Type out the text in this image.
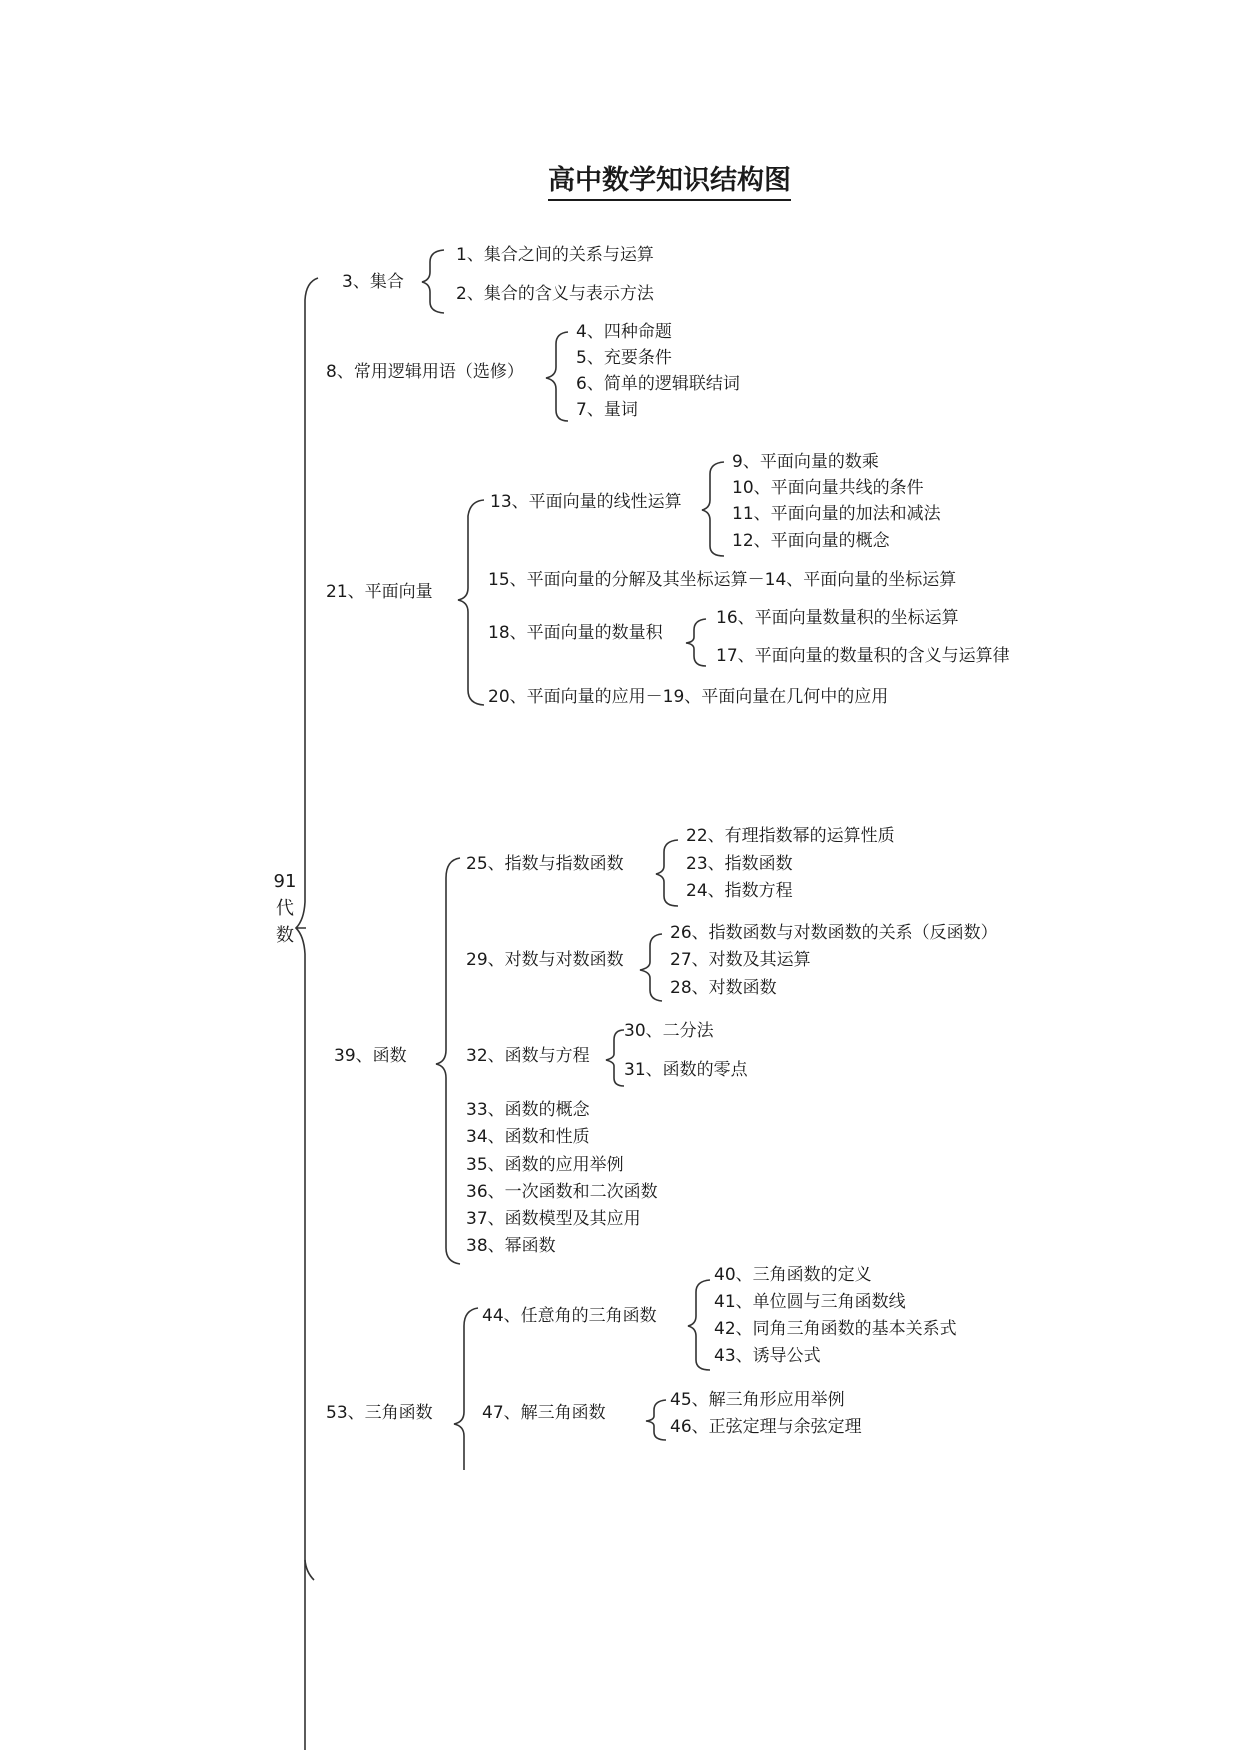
高中数学知识结构图
91
代
数
1、集合之间的关系与运算
2、集合的含义与表示方法
3、集合
4、四种命题
5、充要条件
6、简单的逻辑联结词
7、量词
8、常用逻辑用语（选修）
9、平面向量的数乘
10、平面向量共线的条件
11、平面向量的加法和减法
12、平面向量的概念
13、平面向量的线性运算
15、平面向量的分解及其坐标运算－14、平面向量的坐标运算
16、平面向量数量积的坐标运算
17、平面向量的数量积的含义与运算律
18、平面向量的数量积
20、平面向量的应用－19、平面向量在几何中的应用
21、平面向量
22、有理指数幂的运算性质
23、指数函数
24、指数方程
25、指数与指数函数
26、指数函数与对数函数的关系（反函数）
27、对数及其运算
28、对数函数
29、对数与对数函数
30、二分法
31、函数的零点
32、函数与方程
33、函数的概念
34、函数和性质
35、函数的应用举例
36、一次函数和二次函数
37、函数模型及其应用
38、幂函数
39、函数
40、三角函数的定义
41、单位圆与三角函数线
42、同角三角函数的基本关系式
43、诱导公式
44、任意角的三角函数
45、解三角形应用举例
46、正弦定理与余弦定理
47、解三角函数
53、三角函数
